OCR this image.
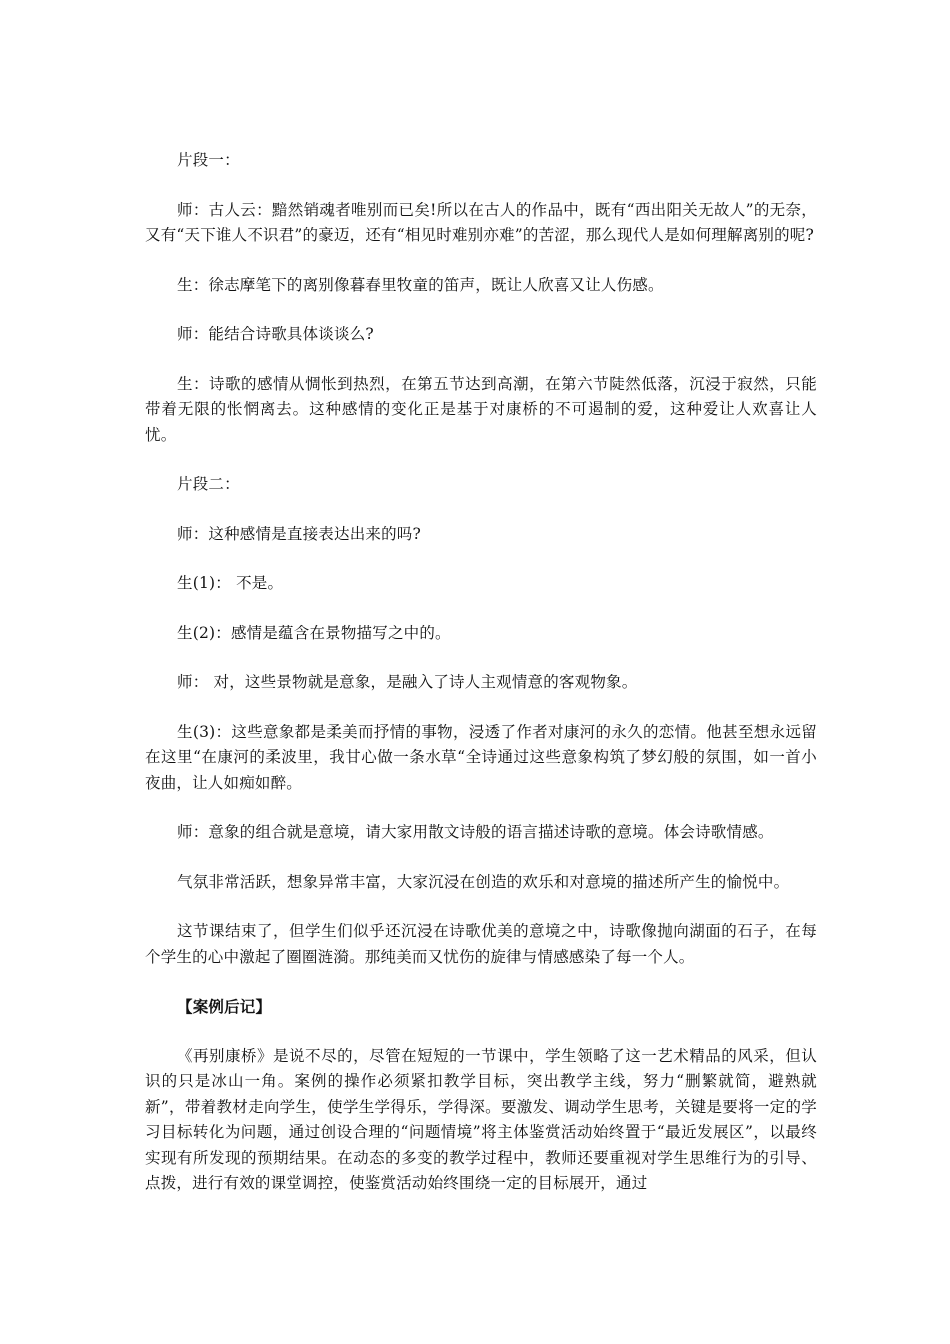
片段一：

师：古人云：黯然销魂者唯别而已矣!所以在古人的作品中，既有“西出阳关无故人”的无奈，又有“天下谁人不识君”的豪迈，还有“相见时难别亦难”的苦涩，那么现代人是如何理解离别的呢?

生：徐志摩笔下的离别像暮春里牧童的笛声，既让人欣喜又让人伤感。

师：能结合诗歌具体谈谈么?

生：诗歌的感情从惆怅到热烈，在第五节达到高潮，在第六节陡然低落，沉浸于寂然，只能带着无限的怅惘离去。这种感情的变化正是基于对康桥的不可遏制的爱，这种爱让人欢喜让人忧。

片段二：

师：这种感情是直接表达出来的吗?

生(1)： 不是。

生(2)：感情是蕴含在景物描写之中的。

师： 对，这些景物就是意象，是融入了诗人主观情意的客观物象。

生(3)：这些意象都是柔美而抒情的事物，浸透了作者对康河的永久的恋情。他甚至想永远留在这里“在康河的柔波里，我甘心做一条水草“全诗通过这些意象构筑了梦幻般的氛围，如一首小夜曲，让人如痴如醉。

师：意象的组合就是意境，请大家用散文诗般的语言描述诗歌的意境。体会诗歌情感。

气氛非常活跃，想象异常丰富，大家沉浸在创造的欢乐和对意境的描述所产生的愉悦中。

这节课结束了，但学生们似乎还沉浸在诗歌优美的意境之中，诗歌像抛向湖面的石子，在每个学生的心中激起了圈圈涟漪。那纯美而又忧伤的旋律与情感感染了每一个人。

【案例后记】

《再别康桥》是说不尽的，尽管在短短的一节课中，学生领略了这一艺术精品的风采，但认识的只是冰山一角。案例的操作必须紧扣教学目标，突出教学主线，努力“删繁就简，避熟就新”，带着教材走向学生，使学生学得乐，学得深。要激发、调动学生思考，关键是要将一定的学习目标转化为问题，通过创设合理的“问题情境”将主体鉴赏活动始终置于“最近发展区”，以最终实现有所发现的预期结果。在动态的多变的教学过程中，教师还要重视对学生思维行为的引导、点拨，进行有效的课堂调控，使鉴赏活动始终围绕一定的目标展开，通过
